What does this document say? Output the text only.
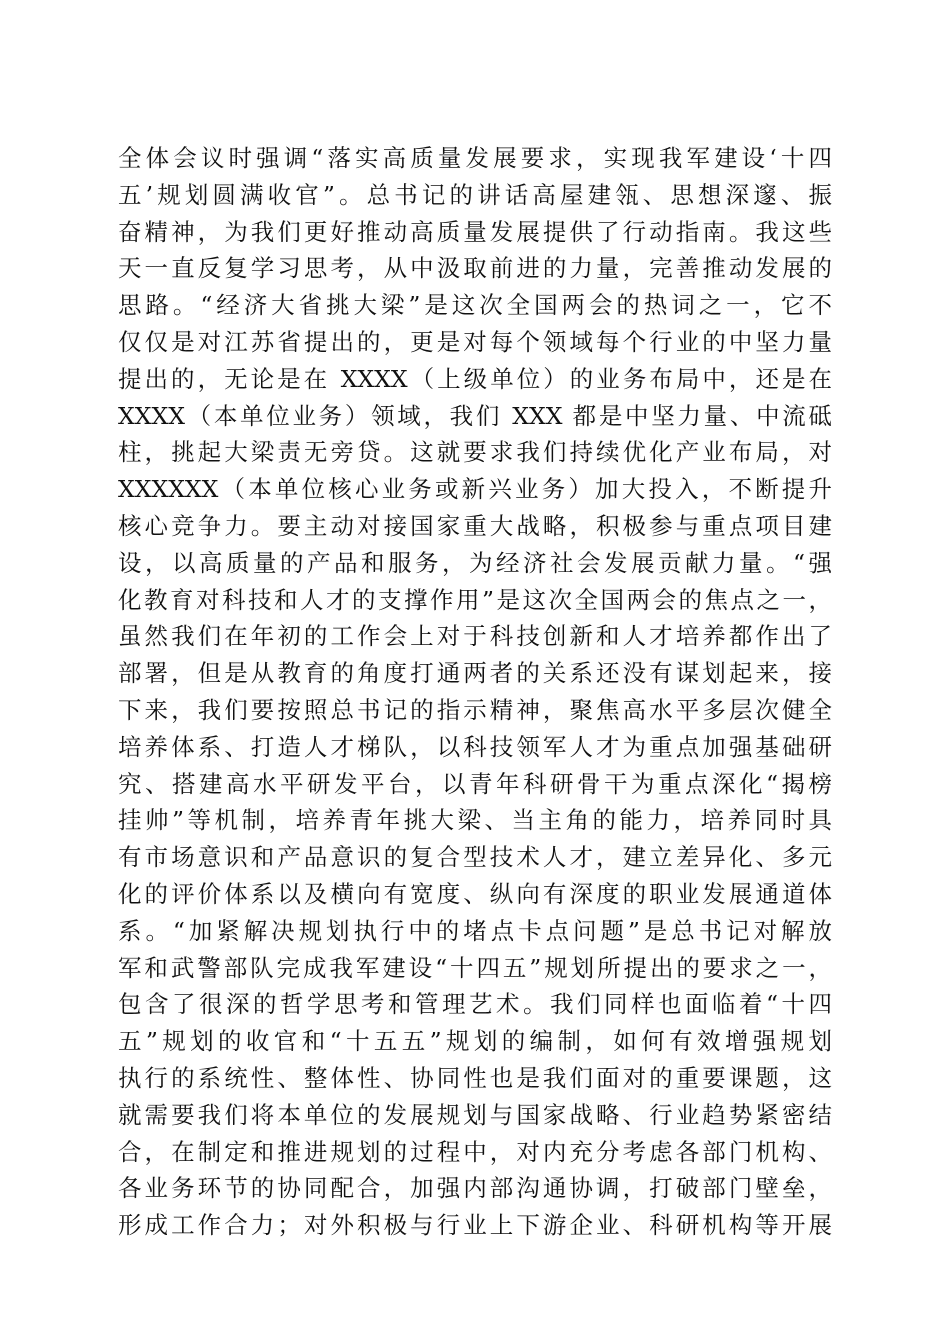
全体会议时强调“落实高质量发展要求，实现我军建设‘十四
五’规划圆满收官”。总书记的讲话高屋建瓴、思想深邃、振
奋精神，为我们更好推动高质量发展提供了行动指南。我这些
天一直反复学习思考，从中汲取前进的力量，完善推动发展的
思路。“经济大省挑大梁”是这次全国两会的热词之一，它不
仅仅是对江苏省提出的，更是对每个领域每个行业的中坚力量
提出的，无论是在 XXXX（上级单位）的业务布局中，还是在
XXXX（本单位业务）领域，我们 XXX 都是中坚力量、中流砥
柱，挑起大梁责无旁贷。这就要求我们持续优化产业布局，对
XXXXXX（本单位核心业务或新兴业务）加大投入，不断提升
核心竞争力。要主动对接国家重大战略，积极参与重点项目建
设，以高质量的产品和服务，为经济社会发展贡献力量。“强
化教育对科技和人才的支撑作用”是这次全国两会的焦点之一，
虽然我们在年初的工作会上对于科技创新和人才培养都作出了
部署，但是从教育的角度打通两者的关系还没有谋划起来，接
下来，我们要按照总书记的指示精神，聚焦高水平多层次健全
培养体系、打造人才梯队，以科技领军人才为重点加强基础研
究、搭建高水平研发平台，以青年科研骨干为重点深化“揭榜
挂帅”等机制，培养青年挑大梁、当主角的能力，培养同时具
有市场意识和产品意识的复合型技术人才，建立差异化、多元
化的评价体系以及横向有宽度、纵向有深度的职业发展通道体
系。“加紧解决规划执行中的堵点卡点问题”是总书记对解放
军和武警部队完成我军建设“十四五”规划所提出的要求之一，
包含了很深的哲学思考和管理艺术。我们同样也面临着“十四
五”规划的收官和“十五五”规划的编制，如何有效增强规划
执行的系统性、整体性、协同性也是我们面对的重要课题，这
就需要我们将本单位的发展规划与国家战略、行业趋势紧密结
合，在制定和推进规划的过程中，对内充分考虑各部门机构、
各业务环节的协同配合，加强内部沟通协调，打破部门壁垒，
形成工作合力；对外积极与行业上下游企业、科研机构等开展
